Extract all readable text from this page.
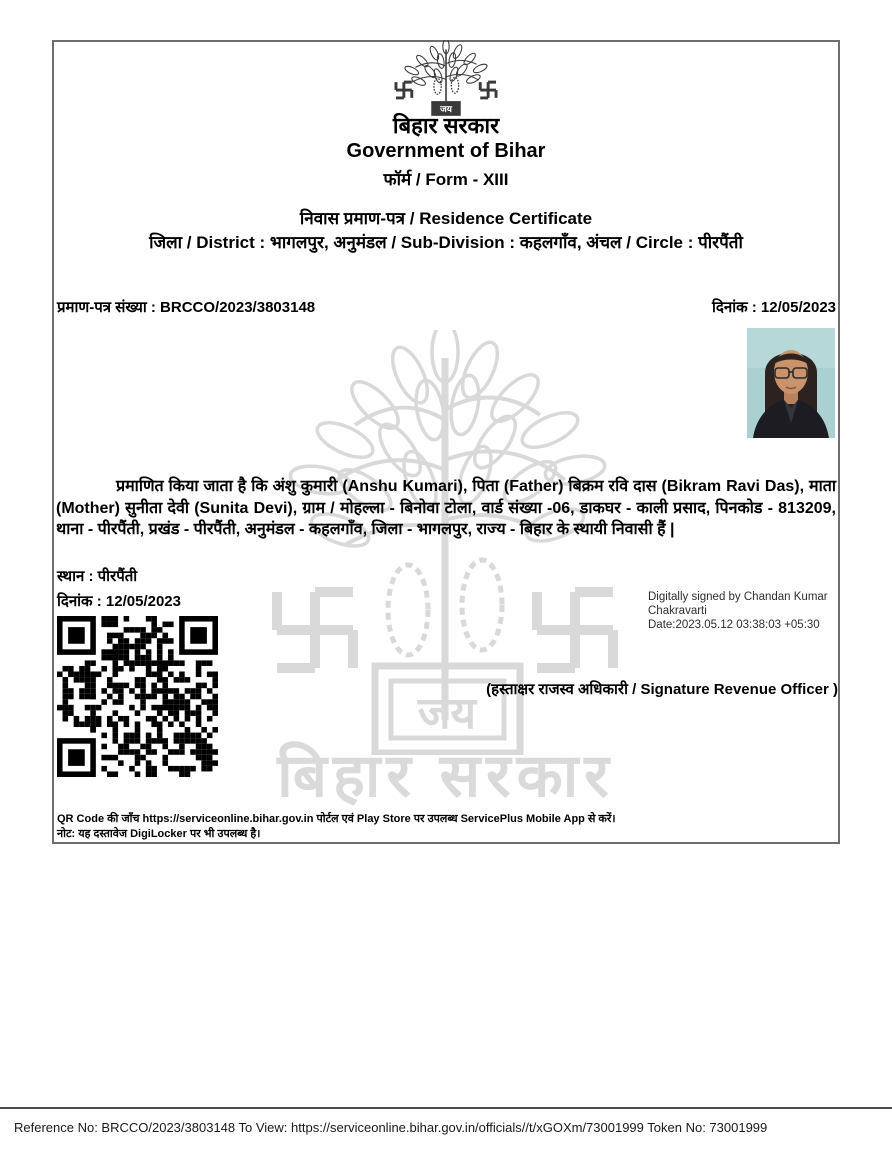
जय
बिहार सरकार
जय
बिहार सरकार
Government of Bihar
फॉर्म / Form - XIII
निवास प्रमाण-पत्र / Residence Certificate
जिला / District : भागलपुर, अनुमंडल / Sub-Division : कहलगाँव, अंचल / Circle : पीरपैंती
प्रमाण-पत्र संख्या : BRCCO/2023/3803148	दिनांक : 12/05/2023
प्रमाणित किया जाता है कि अंशु कुमारी (Anshu Kumari), पिता (Father) बिक्रम रवि दास (Bikram Ravi Das), माता (Mother) सुनीता देवी (Sunita Devi), ग्राम / मोहल्ला - बिनोवा टोला, वार्ड संख्या -06, डाकघर - काली प्रसाद, पिनकोड - 813209, थाना - पीरपैंती, प्रखंड - पीरपैंती, अनुमंडल - कहलगाँव, जिला - भागलपुर, राज्य - बिहार के स्थायी निवासी हैं |
स्थान : पीरपैंती
दिनांक : 12/05/2023	Digitally signed by Chandan Kumar Chakravarti
Date:2023.05.12 03:38:03 +05:30
(हस्ताक्षर राजस्व अधिकारी / Signature Revenue Officer )
QR Code की जाँच https://serviceonline.bihar.gov.in पोर्टल एवं Play Store पर उपलब्ध ServicePlus Mobile App से करें।
नोट: यह दस्तावेज DigiLocker पर भी उपलब्ध है।
Reference No: BRCCO/2023/3803148 To View: https://serviceonline.bihar.gov.in/officials//t/xGOXm/73001999 Token No: 73001999
